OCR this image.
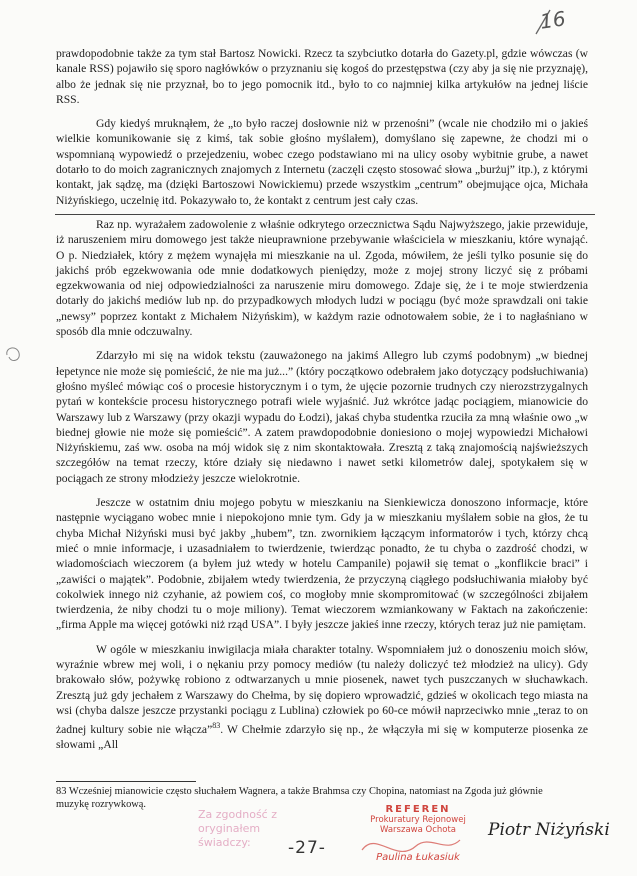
16

prawdopodobnie także za tym stał Bartosz Nowicki. Rzecz ta szybciutko dotarła do Gazety.pl, gdzie wówczas (w kanale RSS) pojawiło się sporo nagłówków o przyznaniu się kogoś do przestępstwa (czy aby ja się nie przyznaję), albo że jednak się nie przyznał, bo to jego pomocnik itd., było to co najmniej kilka artykułów na jednej liście RSS.

Gdy kiedyś mruknąłem, że „to było raczej dosłownie niż w przenośni” (wcale nie chodziło mi o jakieś wielkie komunikowanie się z kimś, tak sobie głośno myślałem), domyślano się zapewne, że chodzi mi o wspomnianą wypowiedź o przejedzeniu, wobec czego podstawiano mi na ulicy osoby wybitnie grube, a nawet dotarło to do moich zagranicznych znajomych z Internetu (zaczęli często stosować słowa „burżuj” itp.), z którymi kontakt, jak sądzę, ma (dzięki Bartoszowi Nowickiemu) przede wszystkim „centrum” obejmujące ojca, Michała Niżyńskiego, uczelnię itd. Pokazywało to, że kontakt z centrum jest cały czas.

Raz np. wyrażałem zadowolenie z właśnie odkrytego orzecznictwa Sądu Najwyższego, jakie przewiduje, iż naruszeniem miru domowego jest także nieuprawnione przebywanie właściciela w mieszkaniu, które wynająć. O p. Niedziałek, który z mężem wynajęła mi mieszkanie na ul. Zgoda, mówiłem, że jeśli tylko posunie się do jakichś prób egzekwowania ode mnie dodatkowych pieniędzy, może z mojej strony liczyć się z próbami egzekwowania od niej odpowiedzialności za naruszenie miru domowego. Zdaje się, że i te moje stwierdzenia dotarły do jakichś mediów lub np. do przypadkowych młodych ludzi w pociągu (być może sprawdzali oni takie „newsy” poprzez kontakt z Michałem Niżyńskim), w każdym razie odnotowałem sobie, że i to nagłaśniano w sposób dla mnie odczuwalny.

Zdarzyło mi się na widok tekstu (zauważonego na jakimś Allegro lub czymś podobnym) „w biednej łepetynce nie może się pomieścić, że nie ma już...” (który początkowo odebrałem jako dotyczący podsłuchiwania) głośno myśleć mówiąc coś o procesie historycznym i o tym, że ujęcie pozornie trudnych czy nierozstrzygalnych pytań w kontekście procesu historycznego potrafi wiele wyjaśnić. Już wkrótce jadąc pociągiem, mianowicie do Warszawy lub z Warszawy (przy okazji wypadu do Łodzi), jakaś chyba studentka rzuciła za mną właśnie owo „w biednej głowie nie może się pomieścić”. A zatem prawdopodobnie doniesiono o mojej wypowiedzi Michałowi Niżyńskiemu, zaś ww. osoba na mój widok się z nim skontaktowała. Zresztą z taką znajomością najświeższych szczegółów na temat rzeczy, które działy się niedawno i nawet setki kilometrów dalej, spotykałem się w pociągach ze strony młodzieży jeszcze wielokrotnie.

Jeszcze w ostatnim dniu mojego pobytu w mieszkaniu na Sienkiewicza donoszono informacje, które następnie wyciągano wobec mnie i niepokojono mnie tym. Gdy ja w mieszkaniu myślałem sobie na głos, że tu chyba Michał Niżyński musi być jakby „hubem”, tzn. zwornikiem łączącym informatorów i tych, którzy chcą mieć o mnie informacje, i uzasadniałem to twierdzenie, twierdząc ponadto, że tu chyba o zazdrość chodzi, w wiadomościach wieczorem (a byłem już wtedy w hotelu Campanile) pojawił się temat o „konflikcie braci” i „zawiści o majątek”. Podobnie, zbijałem wtedy twierdzenia, że przyczyną ciągłego podsłuchiwania miałoby być cokolwiek innego niż czyhanie, aż powiem coś, co mogłoby mnie skompromitować (w szczególności zbijałem twierdzenia, że niby chodzi tu o moje miliony). Temat wieczorem wzmiankowany w Faktach na zakończenie: „firma Apple ma więcej gotówki niż rząd USA”. I były jeszcze jakieś inne rzeczy, których teraz już nie pamiętam.

W ogóle w mieszkaniu inwigilacja miała charakter totalny. Wspomniałem już o donoszeniu moich słów, wyraźnie wbrew mej woli, i o nękaniu przy pomocy mediów (tu należy doliczyć też młodzież na ulicy). Gdy brakowało słów, pożywkę robiono z odtwarzanych u mnie piosenek, nawet tych puszczanych w słuchawkach. Zresztą już gdy jechałem z Warszawy do Chełma, by się dopiero wprowadzić, gdzieś w okolicach tego miasta na wsi (chyba dalsze jeszcze przystanki pociągu z Lublina) człowiek po 60-ce mówił naprzeciwko mnie „teraz to on żadnej kultury sobie nie włącza”$^{83}$. W Chełmie zdarzyło się np., że włączyła mi się w komputerze piosenka ze słowami „All

83 Wcześniej mianowicie często słuchałem Wagnera, a także Brahmsa czy Chopina, natomiast na Zgoda już głównie muzykę rozrywkową.
Za zgodność z oryginałem
świadczy:	-27-
REFEREN
Prokuratury Rejonowej
Warszawa Ochota
Paulina Łukasiuk
Piotr Niżyński
